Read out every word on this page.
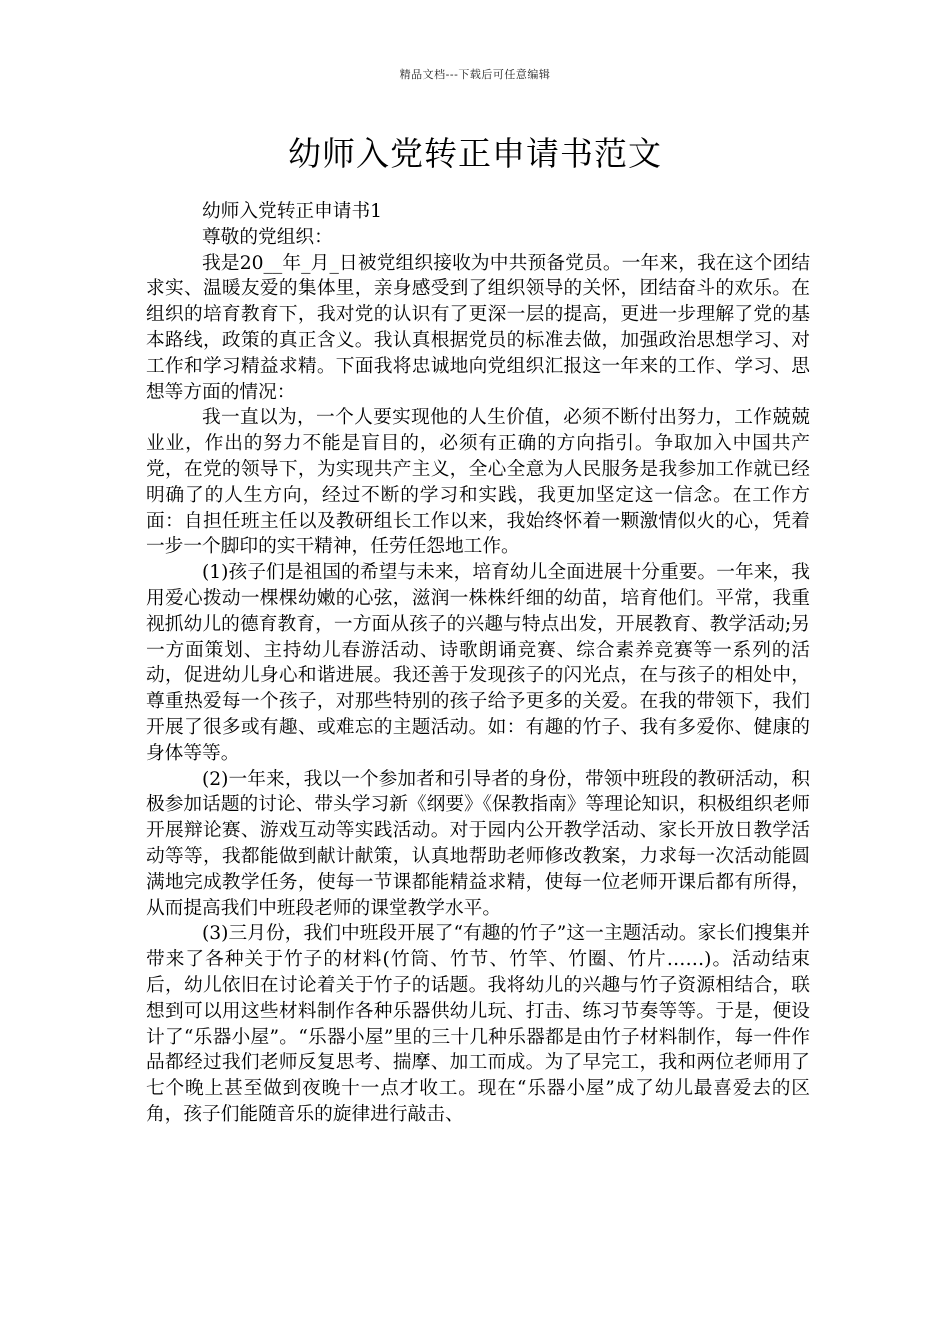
精品文档---下载后可任意编辑
幼师入党转正申请书范文

幼师入党转正申请书1

尊敬的党组织：

我是20__年_月_日被党组织接收为中共预备党员。一年来，我在这个团结求实、温暖友爱的集体里，亲身感受到了组织领导的关怀，团结奋斗的欢乐。在组织的培育教育下，我对党的认识有了更深一层的提高，更进一步理解了党的基本路线，政策的真正含义。我认真根据党员的标准去做，加强政治思想学习、对工作和学习精益求精。下面我将忠诚地向党组织汇报这一年来的工作、学习、思想等方面的情况：

我一直以为，一个人要实现他的人生价值，必须不断付出努力，工作兢兢业业，作出的努力不能是盲目的，必须有正确的方向指引。争取加入中国共产党，在党的领导下，为实现共产主义，全心全意为人民服务是我参加工作就已经明确了的人生方向，经过不断的学习和实践，我更加坚定这一信念。在工作方面：自担任班主任以及教研组长工作以来，我始终怀着一颗激情似火的心，凭着一步一个脚印的实干精神，任劳任怨地工作。

(1)孩子们是祖国的希望与未来，培育幼儿全面进展十分重要。一年来，我用爱心拨动一棵棵幼嫩的心弦，滋润一株株纤细的幼苗，培育他们。平常，我重视抓幼儿的德育教育，一方面从孩子的兴趣与特点出发，开展教育、教学活动;另一方面策划、主持幼儿春游活动、诗歌朗诵竞赛、综合素养竞赛等一系列的活动，促进幼儿身心和谐进展。我还善于发现孩子的闪光点，在与孩子的相处中，尊重热爱每一个孩子，对那些特别的孩子给予更多的关爱。在我的带领下，我们开展了很多或有趣、或难忘的主题活动。如：有趣的竹子、我有多爱你、健康的身体等等。

(2)一年来，我以一个参加者和引导者的身份，带领中班段的教研活动，积极参加话题的讨论、带头学习新《纲要》《保教指南》等理论知识，积极组织老师开展辩论赛、游戏互动等实践活动。对于园内公开教学活动、家长开放日教学活动等等，我都能做到献计献策，认真地帮助老师修改教案，力求每一次活动能圆满地完成教学任务，使每一节课都能精益求精，使每一位老师开课后都有所得，从而提高我们中班段老师的课堂教学水平。

(3)三月份，我们中班段开展了“有趣的竹子”这一主题活动。家长们搜集并带来了各种关于竹子的材料(竹筒、竹节、竹竿、竹圈、竹片……)。活动结束后，幼儿依旧在讨论着关于竹子的话题。我将幼儿的兴趣与竹子资源相结合，联想到可以用这些材料制作各种乐器供幼儿玩、打击、练习节奏等等。于是，便设计了“乐器小屋”。“乐器小屋”里的三十几种乐器都是由竹子材料制作，每一件作品都经过我们老师反复思考、揣摩、加工而成。为了早完工，我和两位老师用了七个晚上甚至做到夜晚十一点才收工。现在“乐器小屋”成了幼儿最喜爱去的区角，孩子们能随音乐的旋律进行敲击、
